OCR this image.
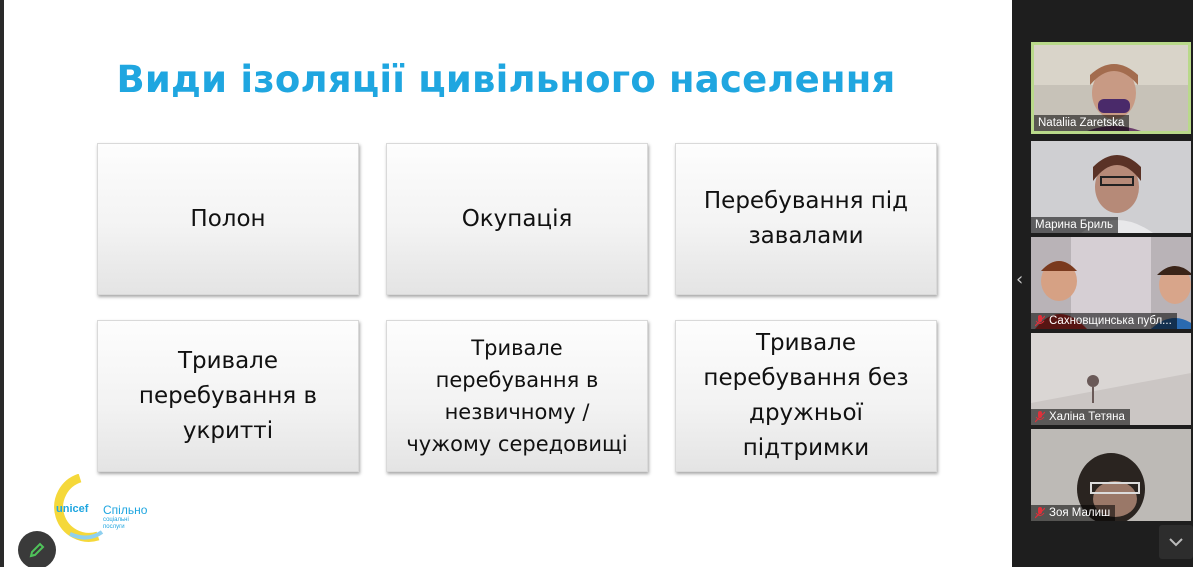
Види ізоляції цивільного населення
Полон	Окупація
Перебування під
завалами
Тривале
перебування в
укритті
Тривале
перебування в
незвичному /
чужому середовищі
Тривале
перебування без
дружньої
підтримки
unicef Спільно
соціальні послуги
‹
Nataliia Zaretska
Марина Бриль
Сахновщинська публ...
Халіна Тетяна
Зоя Малиш
